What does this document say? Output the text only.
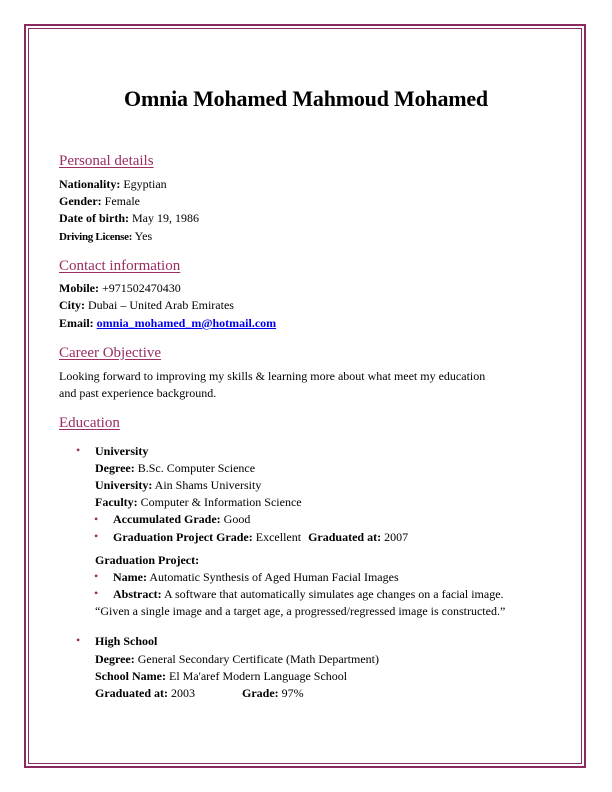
Omnia Mohamed Mahmoud Mohamed
Personal details
Nationality: Egyptian
Gender: Female
Date of birth: May 19, 1986
Driving License: Yes
Contact information
Mobile: +971502470430
City: Dubai – United Arab Emirates
Email: omnia_mohamed_m@hotmail.com
Career Objective
Looking forward to improving my skills & learning more about what meet my education
and past experience background.
Education
• University
Degree: B.Sc. Computer Science
University: Ain Shams University
Faculty: Computer & Information Science
• Accumulated Grade: Good
• Graduation Project Grade: Excellent Graduated at: 2007
Graduation Project:
• Name: Automatic Synthesis of Aged Human Facial Images
• Abstract: A software that automatically simulates age changes on a facial image.
“Given a single image and a target age, a progressed/regressed image is constructed.”
• High School
Degree: General Secondary Certificate (Math Department)
School Name: El Ma'aref Modern Language School
Graduated at: 2003	Grade: 97%
